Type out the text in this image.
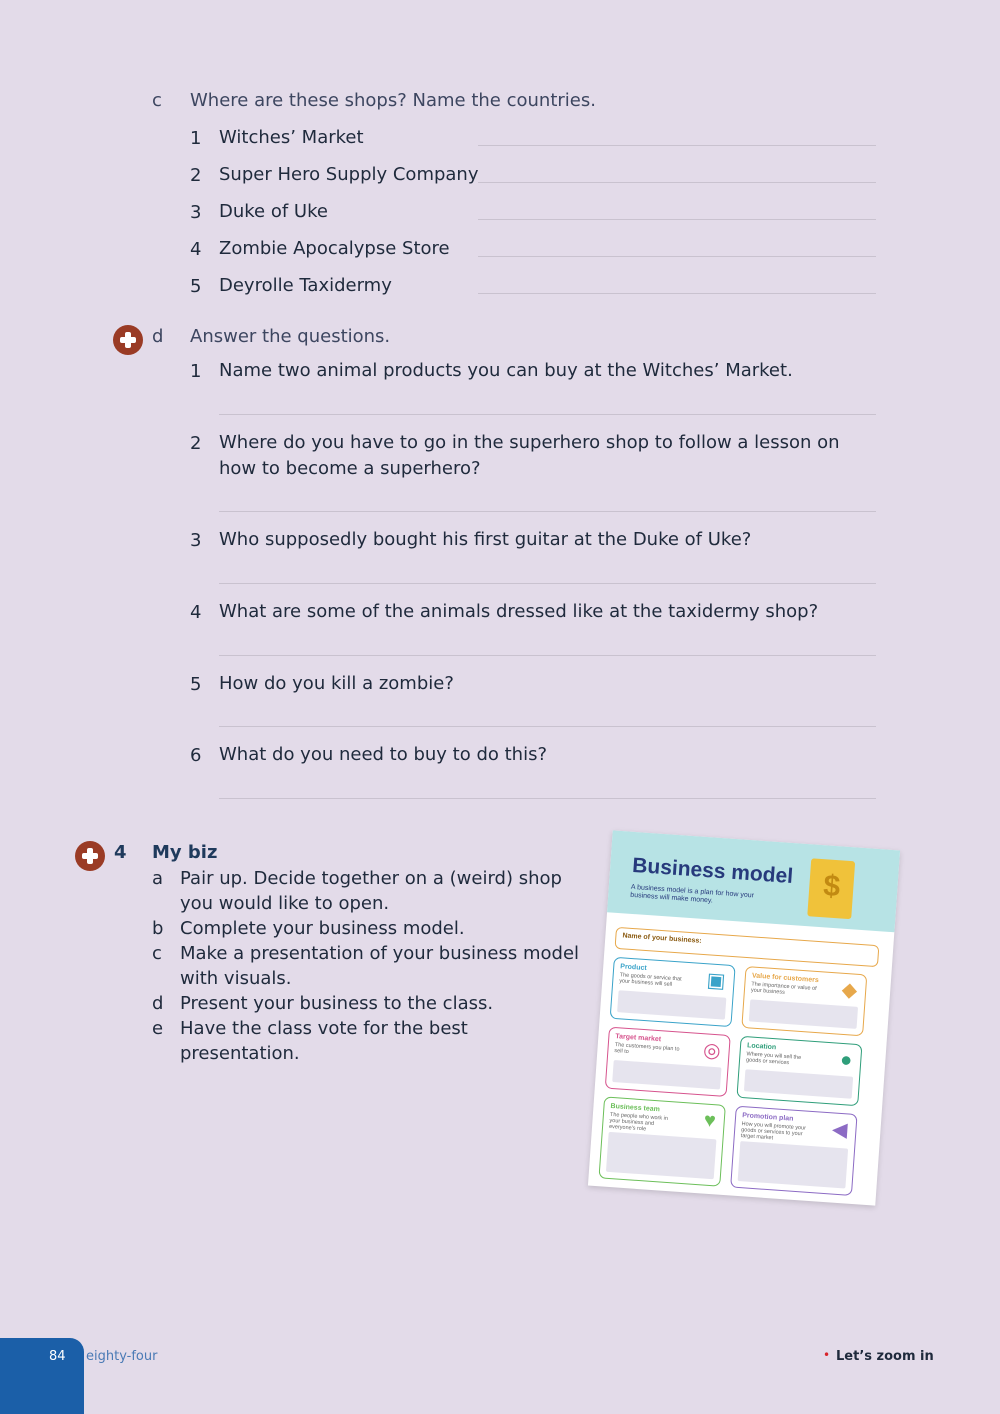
c Where are these shops? Name the countries.
1 Witches’ Market
2 Super Hero Supply Company
3 Duke of Uke
4 Zombie Apocalypse Store
5 Deyrolle Taxidermy
d Answer the questions.
1 Name two animal products you can buy at the Witches’ Market.
2 Where do you have to go in the superhero shop to follow a lesson on how to become a superhero?
3 Who supposedly bought his first guitar at the Duke of Uke?
4 What are some of the animals dressed like at the taxidermy shop?
5 How do you kill a zombie?
6 What do you need to buy to do this?
4 My biz
a Pair up. Decide together on a (weird) shop you would like to open.
b Complete your business model.
c	Make a presentation of your business model with visuals.
d Present your business to the class.
e Have the class vote for the best presentation.
Business model
A business model is a plan for how your business will make money.	$
Name of your business:
Product
The goods or service that your business will sell	▣	Value for customers
The importance or value of your business	◆
Target market
The customers you plan to sell to	◎	Location
Where you will sell the goods or services	●
Business team
The people who work in your business and everyone's role	♥	Promotion plan
How you will promote your goods or services to your target market	◀
84 eighty-four	• Let’s zoom in
